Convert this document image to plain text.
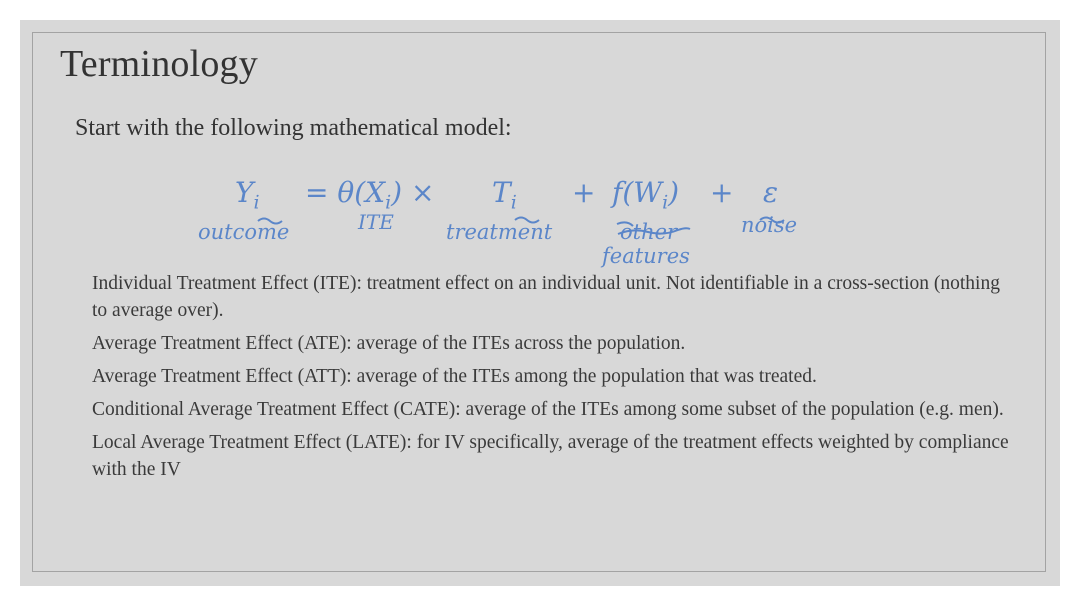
Terminology
Start with the following mathematical model:
$Y_i = \theta(X_i) \times T_i + f(W_i) + \varepsilon$
outcome	ITE treatment	other
features
noise

Individual Treatment Effect (ITE): treatment effect on an individual unit. Not identifiable in a cross-section (nothing to average over).

Average Treatment Effect (ATE): average of the ITEs across the population.

Average Treatment Effect (ATT): average of the ITEs among the population that was treated.

Conditional Average Treatment Effect (CATE): average of the ITEs among some subset of the population (e.g. men).

Local Average Treatment Effect (LATE): for IV specifically, average of the treatment effects weighted by compliance with the IV
